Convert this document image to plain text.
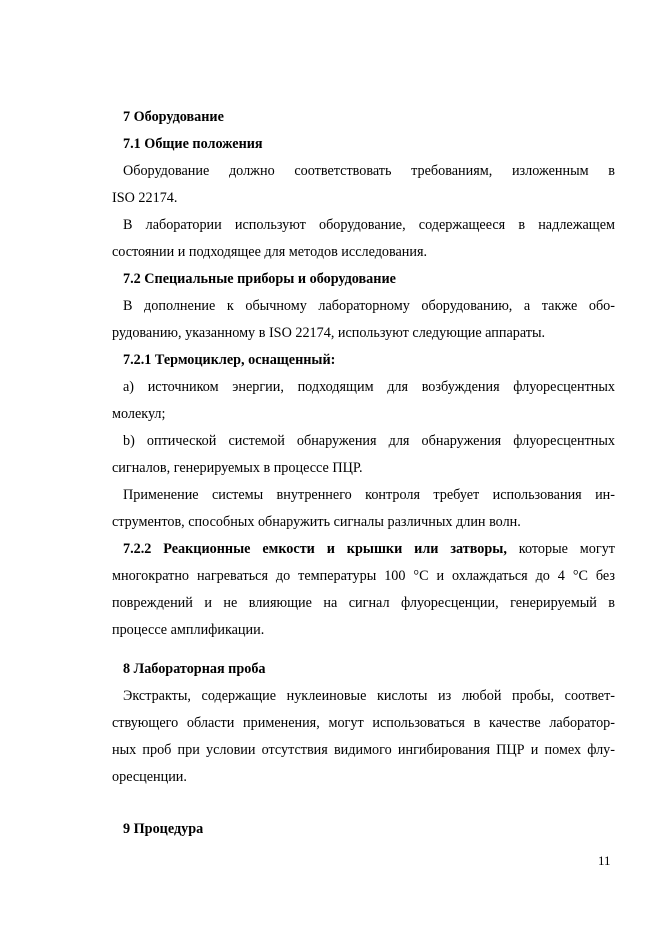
7 Оборудование
7.1 Общие положения
Оборудование должно соответствовать требованиям, изложенным в
ISO 22174.
В лаборатории используют оборудование, содержащееся в надлежащем
состоянии и подходящее для методов исследования.
7.2 Специальные приборы и оборудование
В дополнение к обычному лабораторному оборудованию, а также обо-
рудованию, указанному в ISO 22174, используют следующие аппараты.
7.2.1 Термоциклер, оснащенный:
a) источником энергии, подходящим для возбуждения флуоресцентных
молекул;
b) оптической системой обнаружения для обнаружения флуоресцентных
сигналов, генерируемых в процессе ПЦР.
Применение системы внутреннего контроля требует использования ин-
струментов, способных обнаружить сигналы различных длин волн.
7.2.2 Реакционные емкости и крышки или затворы, которые могут
многократно нагреваться до температуры 100 °С и охлаждаться до 4 °С без
повреждений и не влияющие на сигнал флуоресценции, генерируемый в
процессе амплификации.
8 Лабораторная проба
Экстракты, содержащие нуклеиновые кислоты из любой пробы, соответ-
ствующего области применения, могут использоваться в качестве лаборатор-
ных проб при условии отсутствия видимого ингибирования ПЦР и помех флу-
оресценции.
9 Процедура
11
